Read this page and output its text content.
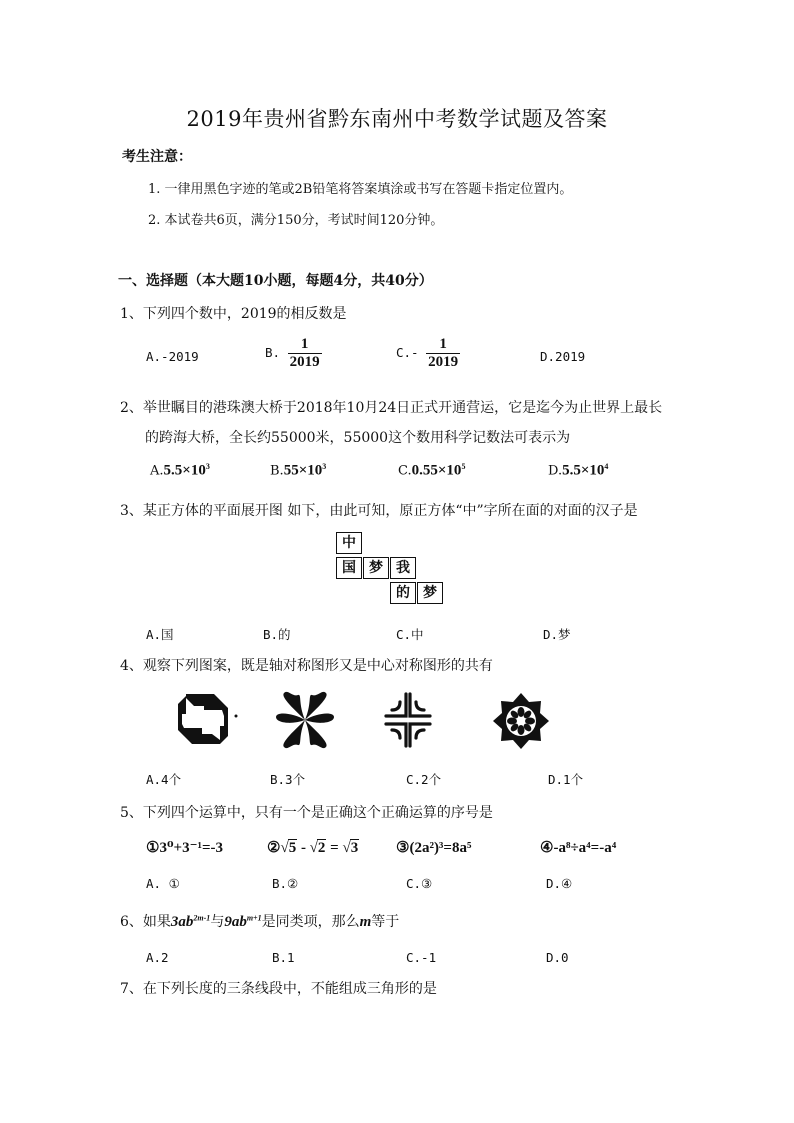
2019年贵州省黔东南州中考数学试题及答案
考生注意：
1. 一律用黑色字迹的笔或2B铅笔将答案填涂或书写在答题卡指定位置内。
2. 本试卷共6页，满分150分，考试时间120分钟。
一、选择题（本大题10小题，每题4分，共40分）
1、下列四个数中，2019的相反数是
A.-2019	B. $\frac{1}{2019}$	$C.- \frac{1}{2019}$	D.2019
2、举世瞩目的港珠澳大桥于2018年10月24日正式开通营运，它是迄今为止世界上最长
的跨海大桥，全长约55000米，55000这个数用科学记数法可表示为
$A.5.5\times 10^3$	$B.55\times 10^3$	$C.0.55\times 10^5$	$D.5.5\times 10^4$
3、某正方体的平面展开图 如下，由此可知，原正方体“中”字所在面的对面的汉子是
中
国 梦 我
的 梦
A.国	B.的	C.中	D.梦
4、观察下列图案，既是轴对称图形又是中心对称图形的共有
A.4个	B.3个	C.2个	D.1个
5、下列四个运算中，只有一个是正确这个正确运算的序号是
①3⁰+3⁻¹=-3	②√5 - √2 = √3	③(2a²)³=8a⁵	④-a⁸÷a⁴=-a⁴
A. ①	B.②	C.③	D.④
6、如果$3ab^{2m-1}$与$9ab^{m+1}$是同类项，那么m等于
A.2	B.1	C.-1	D.0
7、在下列长度的三条线段中，不能组成三角形的是
